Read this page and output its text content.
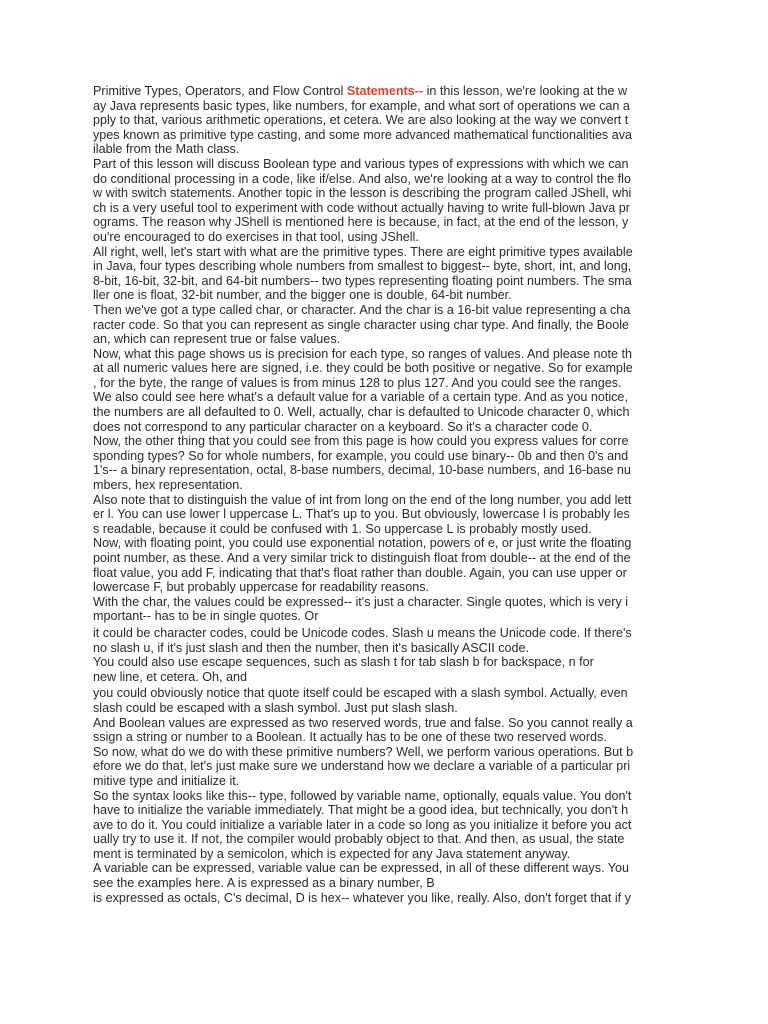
Primitive Types, Operators, and Flow Control Statements-- in this lesson, we're looking at the w
ay Java represents basic types, like numbers, for example, and what sort of operations we can a
pply to that, various arithmetic operations, et cetera. We are also looking at the way we convert t
ypes known as primitive type casting, and some more advanced mathematical functionalities ava
ilable from the Math class.
Part of this lesson will discuss Boolean type and various types of expressions with which we can
do conditional processing in a code, like if/else. And also, we're looking at a way to control the flo
w with switch statements. Another topic in the lesson is describing the program called JShell, whi
ch is a very useful tool to experiment with code without actually having to write full-blown Java pr
ograms. The reason why JShell is mentioned here is because, in fact, at the end of the lesson, y
ou're encouraged to do exercises in that tool, using JShell.
All right, well, let's start with what are the primitive types. There are eight primitive types available
in Java, four types describing whole numbers from smallest to biggest-- byte, short, int, and long,
8-bit, 16-bit, 32-bit, and 64-bit numbers-- two types representing floating point numbers. The sma
ller one is float, 32-bit number, and the bigger one is double, 64-bit number.
Then we've got a type called char, or character. And the char is a 16-bit value representing a cha
racter code. So that you can represent as single character using char type. And finally, the Boole
an, which can represent true or false values.
Now, what this page shows us is precision for each type, so ranges of values. And please note th
at all numeric values here are signed, i.e. they could be both positive or negative. So for example
, for the byte, the range of values is from minus 128 to plus 127. And you could see the ranges.
We also could see here what's a default value for a variable of a certain type. And as you notice,
the numbers are all defaulted to 0. Well, actually, char is defaulted to Unicode character 0, which
does not correspond to any particular character on a keyboard. So it's a character code 0.
Now, the other thing that you could see from this page is how could you express values for corre
sponding types? So for whole numbers, for example, you could use binary-- 0b and then 0's and
1's-- a binary representation, octal, 8-base numbers, decimal, 10-base numbers, and 16-base nu
mbers, hex representation.
Also note that to distinguish the value of int from long on the end of the long number, you add lett
er l. You can use lower l uppercase L. That's up to you. But obviously, lowercase l is probably les
s readable, because it could be confused with 1. So uppercase L is probably mostly used.
Now, with floating point, you could use exponential notation, powers of e, or just write the floating
point number, as these. And a very similar trick to distinguish float from double-- at the end of the
float value, you add F, indicating that that's float rather than double. Again, you can use upper or
lowercase F, but probably uppercase for readability reasons.
With the char, the values could be expressed-- it's just a character. Single quotes, which is very i
mportant-- has to be in single quotes. Or
it could be character codes, could be Unicode codes. Slash u means the Unicode code. If there's
no slash u, if it's just slash and then the number, then it's basically ASCII code.
You could also use escape sequences, such as slash t for tab slash b for backspace, n for
new line, et cetera. Oh, and
you could obviously notice that quote itself could be escaped with a slash symbol. Actually, even
slash could be escaped with a slash symbol. Just put slash slash.
And Boolean values are expressed as two reserved words, true and false. So you cannot really a
ssign a string or number to a Boolean. It actually has to be one of these two reserved words.
So now, what do we do with these primitive numbers? Well, we perform various operations. But b
efore we do that, let's just make sure we understand how we declare a variable of a particular pri
mitive type and initialize it.
So the syntax looks like this-- type, followed by variable name, optionally, equals value. You don't
have to initialize the variable immediately. That might be a good idea, but technically, you don't h
ave to do it. You could initialize a variable later in a code so long as you initialize it before you act
ually try to use it. If not, the compiler would probably object to that. And then, as usual, the state
ment is terminated by a semicolon, which is expected for any Java statement anyway.
A variable can be expressed, variable value can be expressed, in all of these different ways. You
see the examples here. A is expressed as a binary number, B
is expressed as octals, C's decimal, D is hex-- whatever you like, really. Also, don't forget that if y
